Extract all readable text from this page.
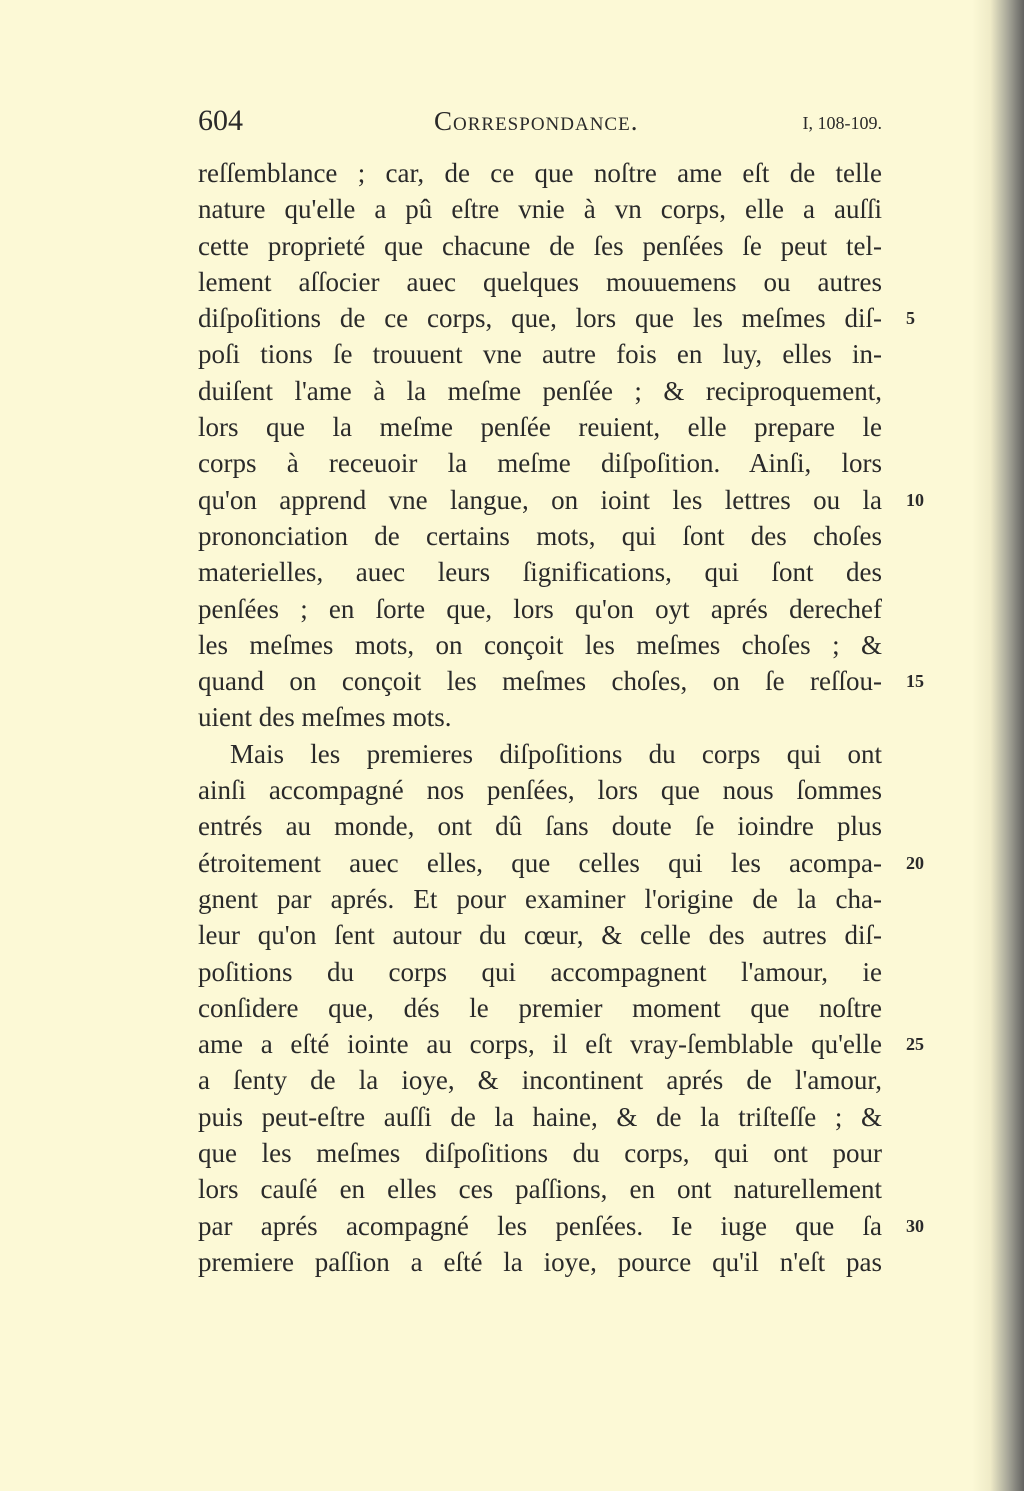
604	Correspondance.	I, 108-109.
reſſemblance ; car, de ce que noſtre ame eſt de telle
nature qu'elle a pû eſtre vnie à vn corps, elle a auſſi
cette proprieté que chacune de ſes penſées ſe peut tel-
lement aſſocier auec quelques mouuemens ou autres
diſpoſitions de ce corps, que, lors que les meſmes diſ-
poſi tions ſe trouuent vne autre fois en luy, elles in-
duiſent l'ame à la meſme penſée ; & reciproquement,
lors que la meſme penſée reuient, elle prepare le
corps à receuoir la meſme diſpoſition. Ainſi, lors
qu'on apprend vne langue, on ioint les lettres ou la
prononciation de certains mots, qui ſont des choſes
materielles, auec leurs ſignifications, qui ſont des
penſées ; en ſorte que, lors qu'on oyt aprés derechef
les meſmes mots, on conçoit les meſmes choſes ; &
quand on conçoit les meſmes choſes, on ſe reſſou-
uient des meſmes mots.
Mais les premieres diſpoſitions du corps qui ont
ainſi accompagné nos penſées, lors que nous ſommes
entrés au monde, ont dû ſans doute ſe ioindre plus
étroitement auec elles, que celles qui les acompa-
gnent par aprés. Et pour examiner l'origine de la cha-
leur qu'on ſent autour du cœur, & celle des autres diſ-
poſitions du corps qui accompagnent l'amour, ie
conſidere que, dés le premier moment que noſtre
ame a eſté iointe au corps, il eſt vray-ſemblable qu'elle
a ſenty de la ioye, & incontinent aprés de l'amour,
puis peut-eſtre auſſi de la haine, & de la triſteſſe ; &
que les meſmes diſpoſitions du corps, qui ont pour
lors cauſé en elles ces paſſions, en ont naturellement
par aprés acompagné les penſées. Ie iuge que ſa
premiere paſſion a eſté la ioye, pource qu'il n'eſt pas
5
10
15
20
25
30
